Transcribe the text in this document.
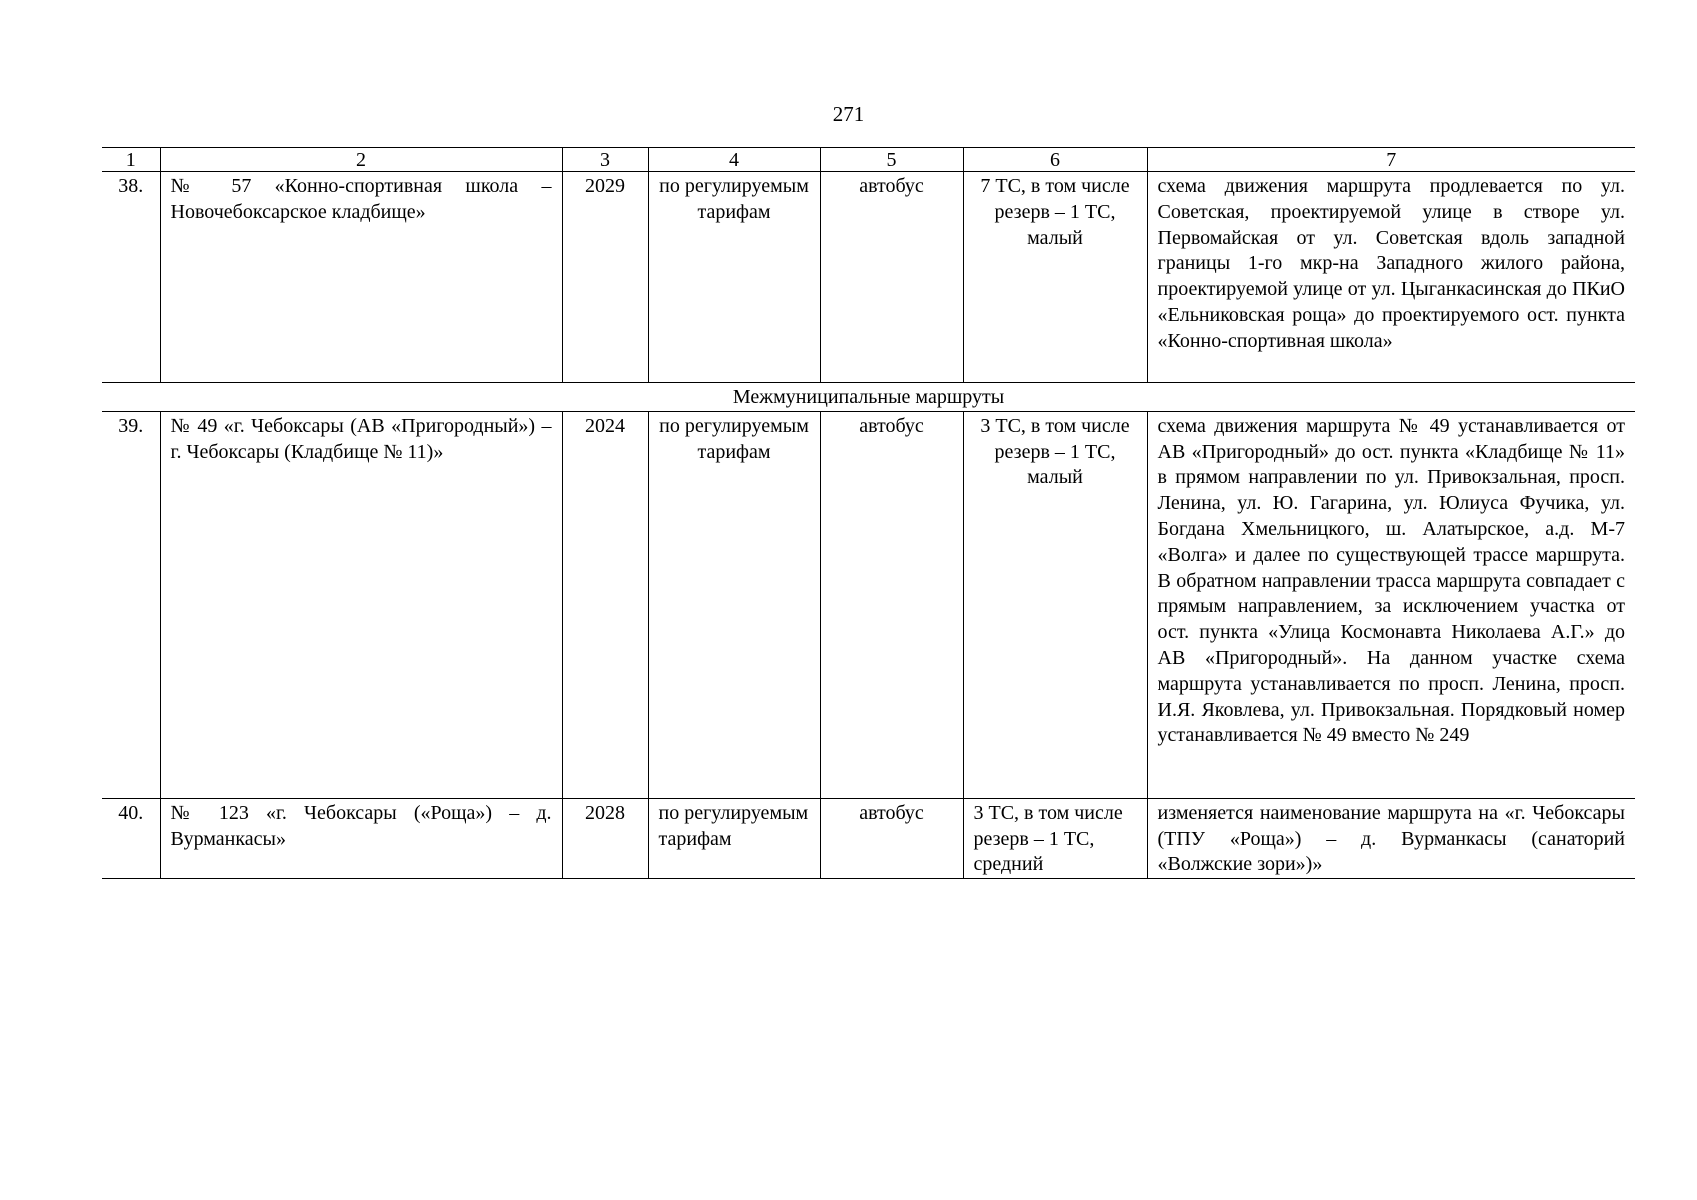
271
1	2	3	4	5	6	7
38.	№ 57 «Конно-спортивная школа – Новочебоксарское кладбище»	2029	по регулируемым тарифам	автобус	7 ТС, в том числе резерв – 1 ТС, малый	схема движения маршрута продлевается по ул. Советская, проектируемой улице в створе ул. Первомайская от ул. Советская вдоль западной границы 1-го мкр-на Западного жилого района, проектируемой улице от ул. Цыганкасинская до ПКиО «Ельниковская роща» до проектируемого ост. пункта «Конно-спортивная школа»
Межмуниципальные маршруты						
39.	№ 49 «г. Чебоксары (АВ «Пригородный») – г. Чебоксары (Кладбище № 11)»	2024	по регулируемым тарифам	автобус	3 ТС, в том числе резерв – 1 ТС, малый	схема движения маршрута № 49 устанавливается от АВ «Пригородный» до ост. пункта «Кладбище № 11» в прямом направлении по ул. Привокзальная, просп. Ленина, ул. Ю. Гагарина, ул. Юлиуса Фучика, ул. Богдана Хмельницкого, ш. Алатырское, а.д. М-7 «Волга» и далее по существующей трассе маршрута. В обратном направлении трасса маршрута совпадает с прямым направлением, за исключением участка от ост. пункта «Улица Космонавта Николаева А.Г.» до АВ «Пригородный». На данном участке схема маршрута устанавливается по просп. Ленина, просп. И.Я. Яковлева, ул. Привокзальная. Порядковый номер устанавливается № 49 вместо № 249
40.	№ 123 «г. Чебоксары («Роща») – д. Вурманкасы»	2028	по регулируемым тарифам	автобус	3 ТС, в том числе резерв – 1 ТС, средний	изменяется наименование маршрута на «г. Чебоксары (ТПУ «Роща») – д. Вурманкасы (санаторий «Волжские зори»)»
